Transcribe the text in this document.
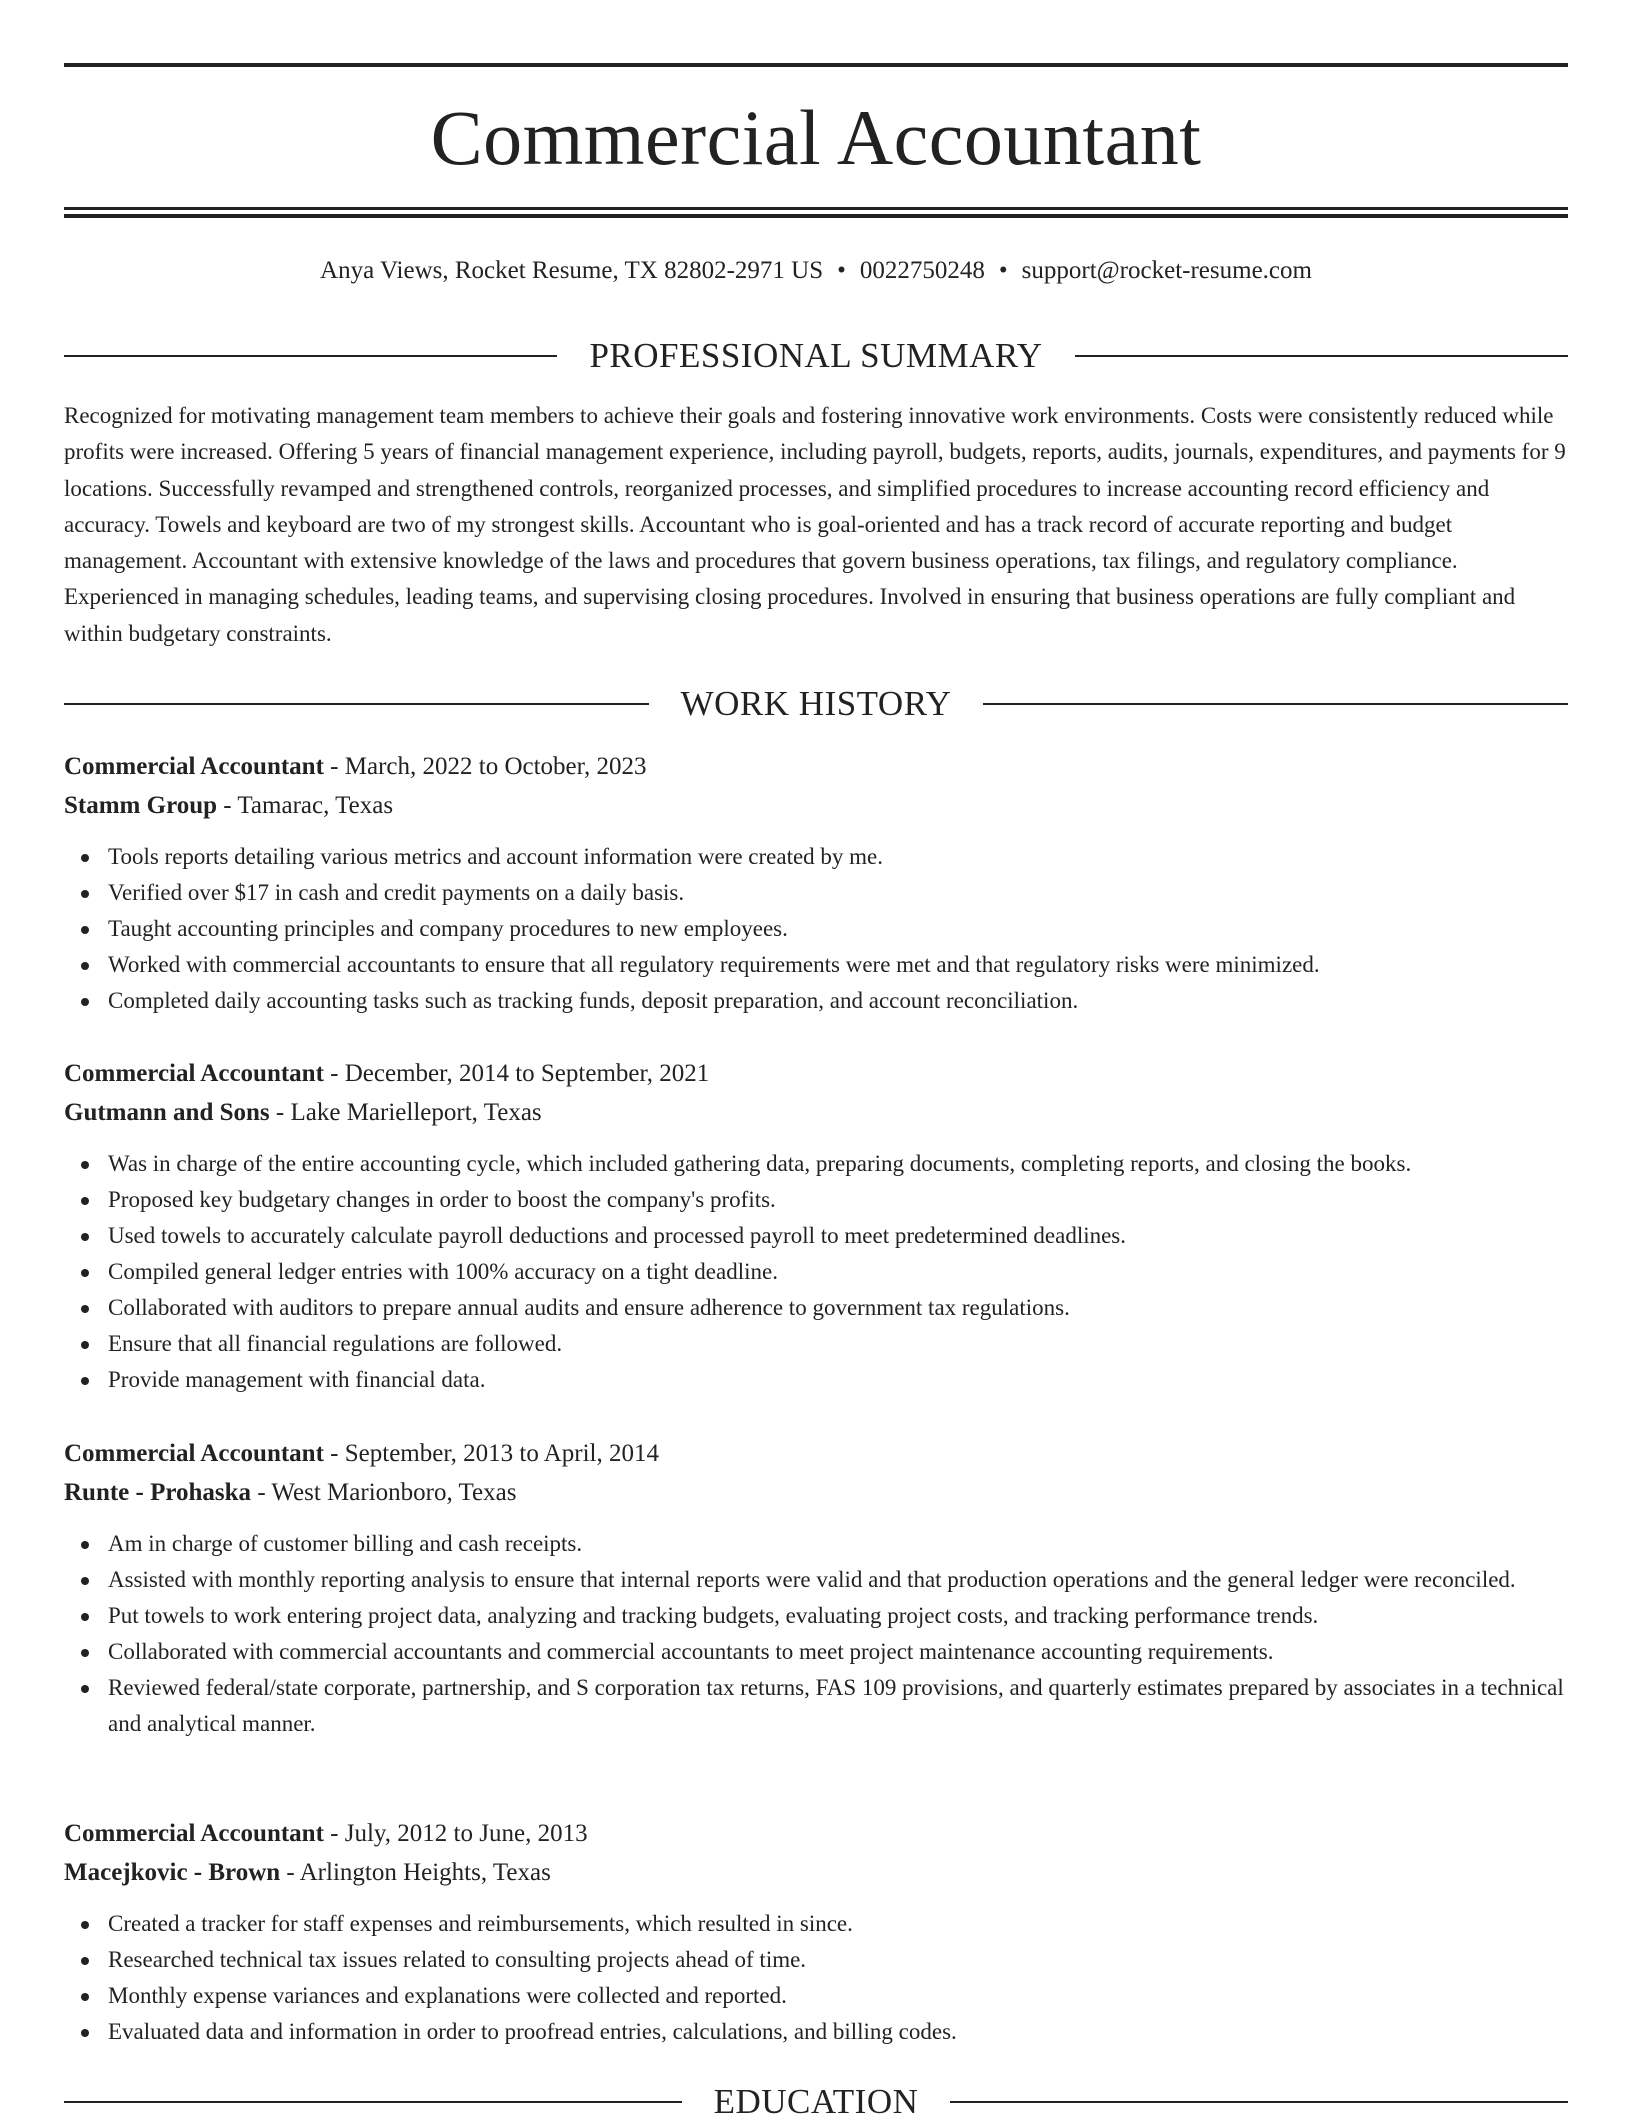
Commercial Accountant
Anya Views, Rocket Resume, TX 82802-2971 US • 0022750248 • support@rocket-resume.com
PROFESSIONAL SUMMARY

Recognized for motivating management team members to achieve their goals and fostering innovative work environments. Costs were consistently reduced while profits were increased. Offering 5 years of financial management experience, including payroll, budgets, reports, audits, journals, expenditures, and payments for 9 locations. Successfully revamped and strengthened controls, reorganized processes, and simplified procedures to increase accounting record efficiency and accuracy. Towels and keyboard are two of my strongest skills. Accountant who is goal-oriented and has a track record of accurate reporting and budget management. Accountant with extensive knowledge of the laws and procedures that govern business operations, tax filings, and regulatory compliance. Experienced in managing schedules, leading teams, and supervising closing procedures. Involved in ensuring that business operations are fully compliant and within budgetary constraints.

WORK HISTORY
Commercial Accountant - March, 2022 to October, 2023
Stamm Group - Tamarac, Texas
Tools reports detailing various metrics and account information were created by me.
Verified over $17 in cash and credit payments on a daily basis.
Taught accounting principles and company procedures to new employees.
Worked with commercial accountants to ensure that all regulatory requirements were met and that regulatory risks were minimized.
Completed daily accounting tasks such as tracking funds, deposit preparation, and account reconciliation.
Commercial Accountant - December, 2014 to September, 2021
Gutmann and Sons - Lake Marielleport, Texas
Was in charge of the entire accounting cycle, which included gathering data, preparing documents, completing reports, and closing the books.
Proposed key budgetary changes in order to boost the company's profits.
Used towels to accurately calculate payroll deductions and processed payroll to meet predetermined deadlines.
Compiled general ledger entries with 100% accuracy on a tight deadline.
Collaborated with auditors to prepare annual audits and ensure adherence to government tax regulations.
Ensure that all financial regulations are followed.
Provide management with financial data.
Commercial Accountant - September, 2013 to April, 2014
Runte - Prohaska - West Marionboro, Texas
Am in charge of customer billing and cash receipts.
Assisted with monthly reporting analysis to ensure that internal reports were valid and that production operations and the general ledger were reconciled.
Put towels to work entering project data, analyzing and tracking budgets, evaluating project costs, and tracking performance trends.
Collaborated with commercial accountants and commercial accountants to meet project maintenance accounting requirements.
Reviewed federal/state corporate, partnership, and S corporation tax returns, FAS 109 provisions, and quarterly estimates prepared by associates in a technical and analytical manner.
Commercial Accountant - July, 2012 to June, 2013
Macejkovic - Brown - Arlington Heights, Texas
Created a tracker for staff expenses and reimbursements, which resulted in since.
Researched technical tax issues related to consulting projects ahead of time.
Monthly expense variances and explanations were collected and reported.
Evaluated data and information in order to proofread entries, calculations, and billing codes.
EDUCATION
